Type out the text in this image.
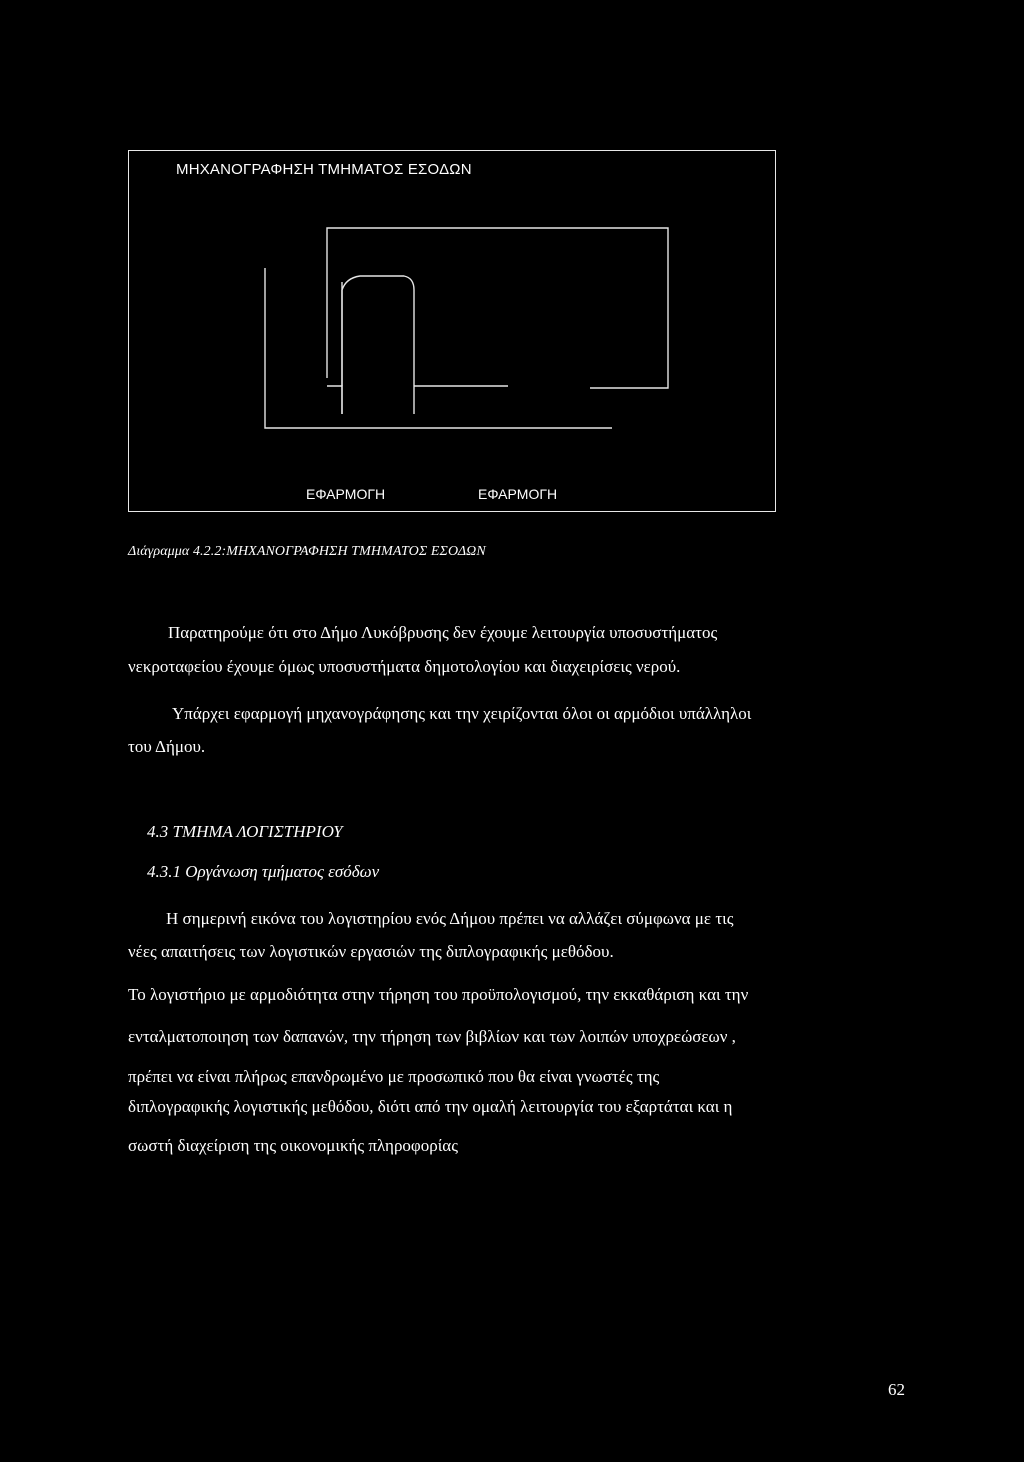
ΜΗΧΑΝΟΓΡΑΦΗΣΗ ΤΜΗΜΑΤΟΣ ΕΣΟΔΩΝ
ΕΦΑΡΜΟΓΗ	ΕΦΑΡΜΟΓΗ
Διάγραμμα 4.2.2:ΜΗΧΑΝΟΓΡΑΦΗΣΗ ΤΜΗΜΑΤΟΣ ΕΣΟΔΩΝ
Παρατηρούμε ότι στο Δήμο Λυκόβρυσης δεν έχουμε λειτουργία υποσυστήματος
νεκροταφείου έχουμε όμως υποσυστήματα δημοτολογίου και διαχειρίσεις νερού.
Υπάρχει εφαρμογή μηχανογράφησης και την χειρίζονται όλοι οι αρμόδιοι υπάλληλοι
του Δήμου.
4.3 ΤΜΗΜΑ ΛΟΓΙΣΤΗΡΙΟΥ
4.3.1 Οργάνωση τμήματος εσόδων
Η σημερινή εικόνα του λογιστηρίου ενός Δήμου πρέπει να αλλάζει σύμφωνα με τις
νέες απαιτήσεις των λογιστικών εργασιών της διπλογραφικής μεθόδου.
Το λογιστήριο με αρμοδιότητα στην τήρηση του προϋπολογισμού, την εκκαθάριση και την
ενταλματοποιηση των δαπανών, την τήρηση των βιβλίων και των λοιπών υποχρεώσεων ,
πρέπει να είναι πλήρως επανδρωμένο με προσωπικό που θα είναι γνωστές της
διπλογραφικής λογιστικής μεθόδου, διότι από την ομαλή λειτουργία του εξαρτάται και η
σωστή διαχείριση της οικονομικής πληροφορίας
62
